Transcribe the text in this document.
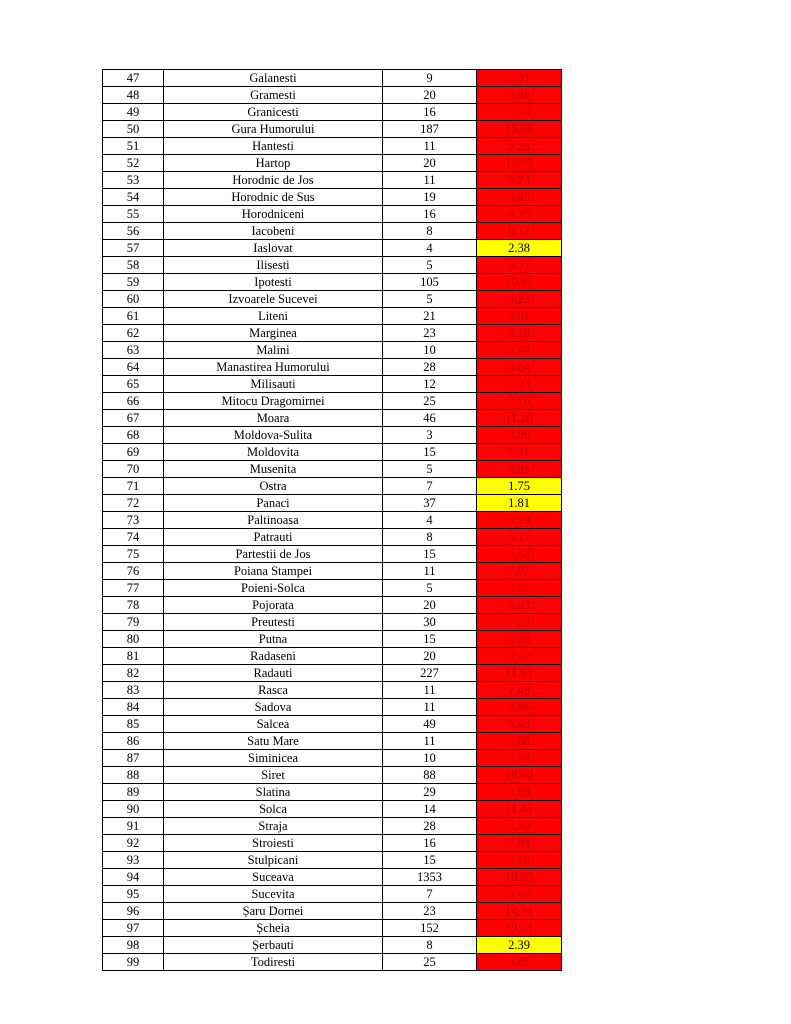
47	Galanesti	9	6.31
48	Gramesti	20	9.98
49	Granicesti	16	5.44
50	Gura Humorului	187	15.68
51	Hantesti	11	5.23
52	Hartop	20	11.85
53	Horodnic de Jos	11	5.23
54	Horodnic de Sus	19	5.45
55	Horodniceni	16	6.25
56	Iacobeni	8	6.12
57	Iaslovat	4	2.38
58	Ilisesti	5	3.37
59	Ipotesti	105	16.86
60	Izvoarele Sucevei	5	4.23
61	Liteni	21	4.01
62	Marginea	23	3.18
63	Malini	10	3.44
64	Manastirea Humorului	28	8.64
65	Milisauti	12	6.23
66	Mitocu Dragomirnei	25	7.76
67	Moara	46	11.20
68	Moldova-Sulita	3	3.08
69	Moldovita	15	6.41
70	Musenita	5	4.95
71	Ostra	7	1.75
72	Panaci	37	1.81
73	Paltinoasa	4	8.29
74	Patrauti	8	5.17
75	Partestii de Jos	15	3.53
76	Poiana Stampei	11	7.97
77	Poieni-Solca	5	3.52
78	Pojorata	20	6.43
79	Preutesti	30	7.20
80	Putna	15	6.26
81	Radaseni	20	8.42
82	Radauti	227	11.61
83	Rasca	11	7.48
84	Sadova	11	8.46
85	Salcea	49	6.48
86	Satu Mare	11	7.88
87	Siminicea	10	7.18
88	Siret	88	18.80
89	Slatina	29	6.83
90	Solca	14	11.41
91	Straja	28	8.30
92	Stroiesti	16	7.94
93	Stulpicani	15	5.16
94	Suceava	1353	18.33
95	Sucevita	7	3.49
96	Șaru Dornei	23	14.34
97	Șcheia	152	19.41
98	Șerbauti	8	2.39
99	Todiresti	25	4.85
